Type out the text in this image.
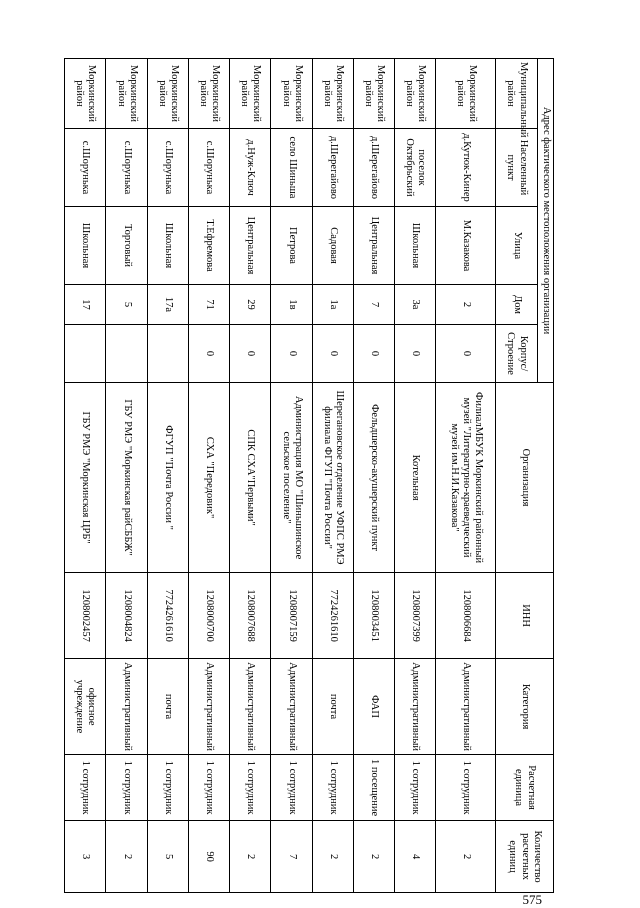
575
Адрес фактического местоположения организации					Организация	ИНН	Категория	Расчетная единица	Количество расчетных единиц
Муниципальный район	Населенный пункт	Улица	Дом	Корпус/ Строение					
Моркинский район	д.Кутюк-Кинер	М.Казакова	2	0	ФилиалМБУК Моркинский районный музей "Литературно-краеведческий музей им.Н.И.Казакова"	1208006684	Административный	1 сотрудник	2
Моркинский район	поселок Октябрьский	Школьная	3а	0	Котельная	1208007399	Административный	1 сотрудник	4
Моркинский район	д.Шерегайово	Центральная	7	0	Фельдшерско-акушерский пункт	1208003451	ФАП	1 посещение	2
Моркинский район	д.Шерегайово	Садовая	1а	0	Шерегановское отделение УФПС РМЭ филиала ФГУП "Почта России"	7724261610	почта	1 сотрудник	2
Моркинский район	село Шиньша	Петрова	1в	0	Администрация МО "Шиньшинское сельское поселение"	1208007159	Административный	1 сотрудник	7
Моркинский район	д.Нуж-Ключ	Центральная	29	0	СПК СХА"Первыми"	1208007688	Административный	1 сотрудник	2
Моркинский район	с.Шорунька	Т.Ефремова	71	0	СХА "Передовик"	1208000700	Административный	1 сотрудник	90
Моркинский район	с.Шорунька	Школьная	17а		ФГУП "Почта России "	7724261610	почта	1 сотрудник	5
Моркинский район	с.Шорунька	Торговый	5		ГБУ РМЭ "Моркинская райСББЖ"	1208004824	Административный	1 сотрудник	2
Моркинский район	с.Шорунька	Школьная	17		ГБУ РМЭ "Моркинская ЦРБ"	1208002457	офисное учреждение	1 сотрудник	3
